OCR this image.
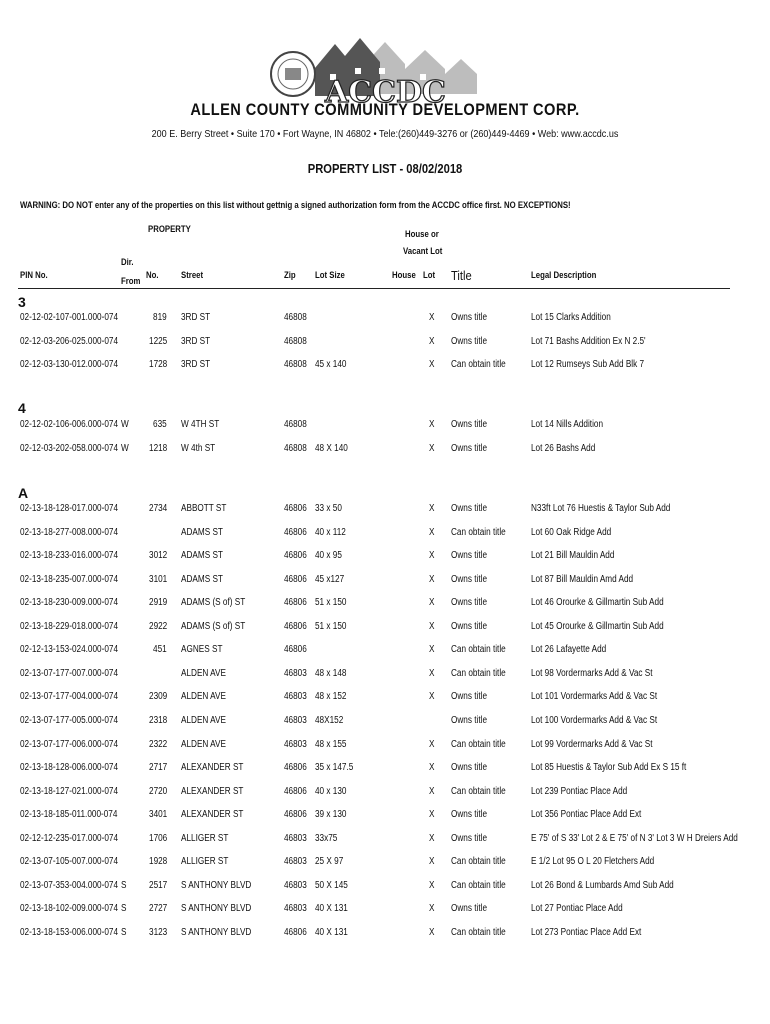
ACCDC
ALLEN COUNTY COMMUNITY DEVELOPMENT CORP.
200 E. Berry Street • Suite 170 • Fort Wayne, IN 46802 • Tele:(260)449-3276 or (260)449-4469 • Web: www.accdc.us
PROPERTY LIST - 08/02/2018
WARNING: DO NOT enter any of the properties on this list without gettnig a signed authorization form from the ACCDC office first. NO EXCEPTIONS!
PROPERTY	House or
Vacant Lot
PIN No.
Dir.
From
No. Street	Zip Lot Size	House Lot Title	Legal Description
3
02-12-02-107-001.000-074	819 3RD ST	46808	X Owns title	Lot 15 Clarks Addition
02-12-03-206-025.000-074	1225 3RD ST	46808	X Owns title	Lot 71 Bashs Addition Ex N 2.5'
02-12-03-130-012.000-074	1728 3RD ST	46808 45 x 140	X Can obtain title	Lot 12 Rumseys Sub Add Blk 7
4
02-12-02-106-006.000-074 W 635 W 4TH ST	46808	X Owns title	Lot 14 Nills Addition
02-12-03-202-058.000-074 W 1218 W 4th ST	46808 48 X 140	X Owns title	Lot 26 Bashs Add
A
02-13-18-128-017.000-074	2734 ABBOTT ST	46806 33 x 50	X Owns title	N33ft Lot 76 Huestis & Taylor Sub Add
02-13-18-277-008.000-074	ADAMS ST	46806 40 x 112	X Can obtain title	Lot 60 Oak Ridge Add
02-13-18-233-016.000-074	3012 ADAMS ST	46806 40 x 95	X Owns title	Lot 21 Bill Mauldin Add
02-13-18-235-007.000-074	3101 ADAMS ST	46806 45 x127	X Owns title	Lot 87 Bill Mauldin Amd Add
02-13-18-230-009.000-074	2919 ADAMS (S of) ST	46806 51 x 150	X Owns title	Lot 46 Orourke & Gillmartin Sub Add
02-13-18-229-018.000-074	2922 ADAMS (S of) ST	46806 51 x 150	X Owns title	Lot 45 Orourke & Gillmartin Sub Add
02-12-13-153-024.000-074	451 AGNES ST	46806	X Can obtain title	Lot 26 Lafayette Add
02-13-07-177-007.000-074	ALDEN AVE	46803 48 x 148	X Can obtain title	Lot 98 Vordermarks Add & Vac St
02-13-07-177-004.000-074	2309 ALDEN AVE	46803 48 x 152	X Owns title	Lot 101 Vordermarks Add & Vac St
02-13-07-177-005.000-074	2318 ALDEN AVE	46803 48X152	Owns title	Lot 100 Vordermarks Add & Vac St
02-13-07-177-006.000-074	2322 ALDEN AVE	46803 48 x 155	X Can obtain title	Lot 99 Vordermarks Add & Vac St
02-13-18-128-006.000-074	2717 ALEXANDER ST	46806 35 x 147.5	X Owns title	Lot 85 Huestis & Taylor Sub Add Ex S 15 ft
02-13-18-127-021.000-074	2720 ALEXANDER ST	46806 40 x 130	X Can obtain title	Lot 239 Pontiac Place Add
02-13-18-185-011.000-074	3401 ALEXANDER ST	46806 39 x 130	X Owns title	Lot 356 Pontiac Place Add Ext
02-12-12-235-017.000-074	1706 ALLIGER ST	46803 33x75	X Owns title	E 75' of S 33' Lot 2 & E 75' of N 3' Lot 3 W H Dreiers Add
02-13-07-105-007.000-074	1928 ALLIGER ST	46803 25 X 97	X Can obtain title	E 1/2 Lot 95 O L 20 Fletchers Add
02-13-07-353-004.000-074 S 2517 S ANTHONY BLVD	46803 50 X 145	X Can obtain title	Lot 26 Bond & Lumbards Amd Sub Add
02-13-18-102-009.000-074 S 2727 S ANTHONY BLVD	46803 40 X 131	X Owns title	Lot 27 Pontiac Place Add
02-13-18-153-006.000-074 S 3123 S ANTHONY BLVD	46806 40 X 131	X Can obtain title	Lot 273 Pontiac Place Add Ext
